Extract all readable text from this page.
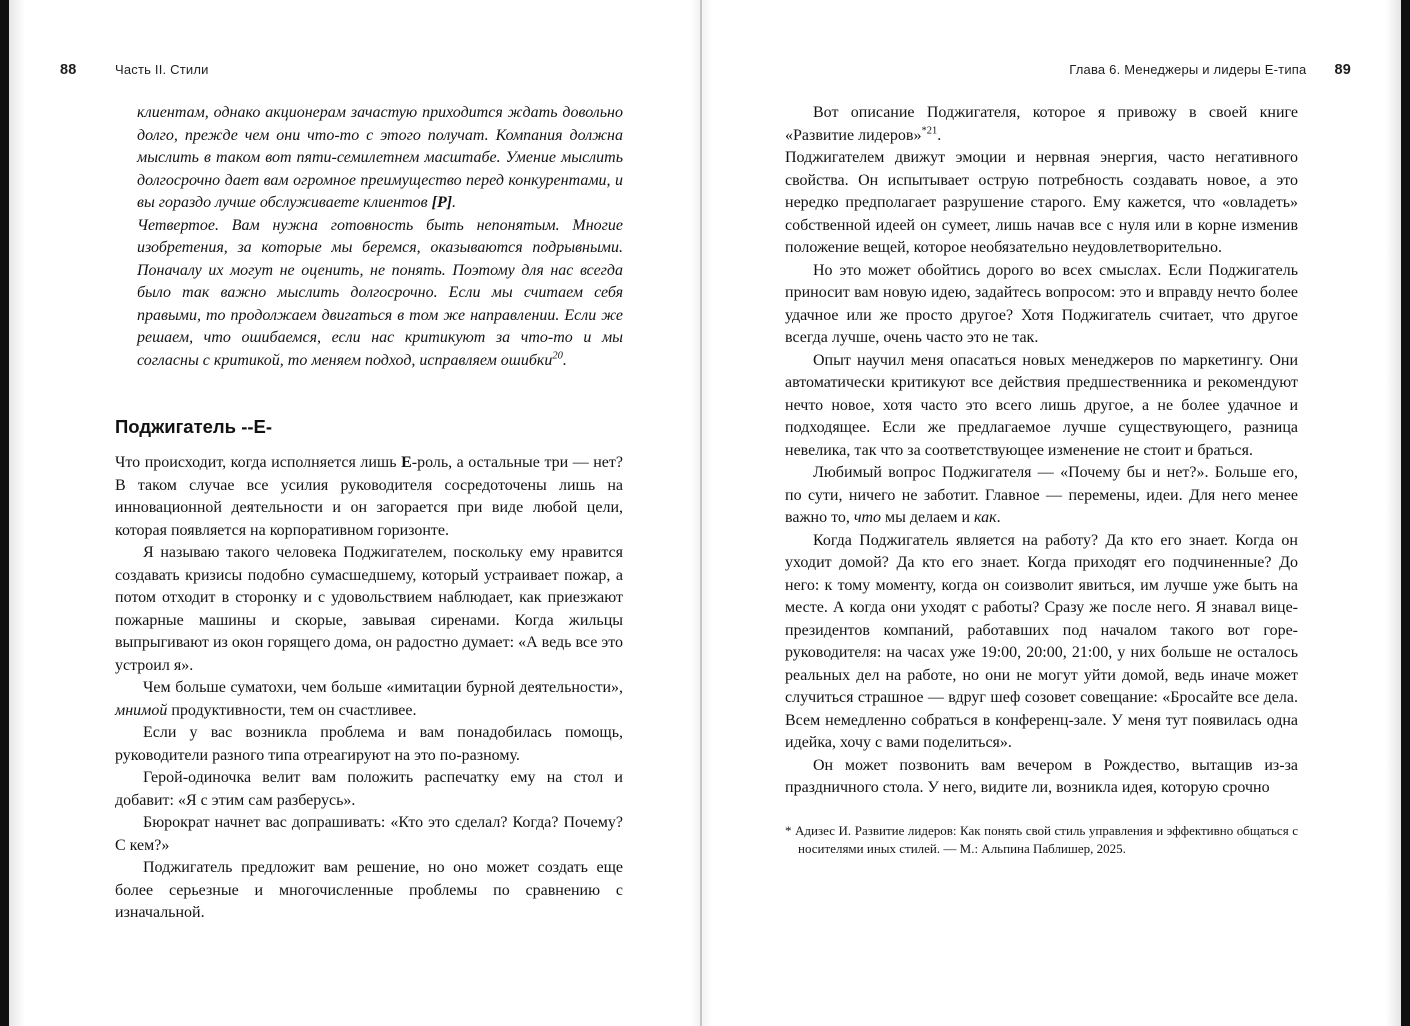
88	Часть II. Стили

клиентам, однако акционерам зачастую приходится ждать довольно долго, прежде чем они что-то с этого получат. Компания должна мыслить в таком вот пяти-семилетнем масштабе. Умение мыслить долгосрочно дает вам огромное преимущество перед конкурентами, и вы гораздо лучше обслуживаете клиентов [P].

Четвертое. Вам нужна готовность быть непонятым. Многие изобретения, за которые мы беремся, оказываются подрывными. Поначалу их могут не оценить, не понять. Поэтому для нас всегда было так важно мыслить долгосрочно. Если мы считаем себя правыми, то продолжаем двигаться в том же направлении. Если же решаем, что ошибаемся, если нас критикуют за что-то и мы согласны с критикой, то меняем подход, исправляем ошибки$^{20}$.

Поджигатель --E-

Что происходит, когда исполняется лишь E-роль, а остальные три — нет? В таком случае все усилия руководителя сосредоточены лишь на инновационной деятельности и он загорается при виде любой цели, которая появляется на корпоративном горизонте.

Я называю такого человека Поджигателем, поскольку ему нравится создавать кризисы подобно сумасшедшему, который устраивает пожар, а потом отходит в сторонку и с удовольствием наблюдает, как приезжают пожарные машины и скорые, завывая сиренами. Когда жильцы выпрыгивают из окон горящего дома, он радостно думает: «А ведь все это устроил я».

Чем больше суматохи, чем больше «имитации бурной деятельности», мнимой продуктивности, тем он счастливее.

Если у вас возникла проблема и вам понадобилась помощь, руководители разного типа отреагируют на это по-разному.

Герой-одиночка велит вам положить распечатку ему на стол и добавит: «Я с этим сам разберусь».

Бюрократ начнет вас допрашивать: «Кто это сделал? Когда? Почему? С кем?»

Поджигатель предложит вам решение, но оно может создать еще более серьезные и многочисленные проблемы по сравнению с изначальной.

Глава 6. Менеджеры и лидеры E-типа 89

Вот описание Поджигателя, которое я привожу в своей книге «Развитие лидеров»$^{*21}$.

Поджигателем движут эмоции и нервная энергия, часто негативного свойства. Он испытывает острую потребность создавать новое, а это нередко предполагает разрушение старого. Ему кажется, что «овладеть» собственной идеей он сумеет, лишь начав все с нуля или в корне изменив положение вещей, которое необязательно неудовлетворительно.

Но это может обойтись дорого во всех смыслах. Если Поджигатель приносит вам новую идею, задайтесь вопросом: это и вправду нечто более удачное или же просто другое? Хотя Поджигатель считает, что другое всегда лучше, очень часто это не так.

Опыт научил меня опасаться новых менеджеров по маркетингу. Они автоматически критикуют все действия предшественника и рекомендуют нечто новое, хотя часто это всего лишь другое, а не более удачное и подходящее. Если же предлагаемое лучше существующего, разница невелика, так что за соответствующее изменение не стоит и браться.

Любимый вопрос Поджигателя — «Почему бы и нет?». Больше его, по сути, ничего не заботит. Главное — перемены, идеи. Для него менее важно то, что мы делаем и как.

Когда Поджигатель является на работу? Да кто его знает. Когда он уходит домой? Да кто его знает. Когда приходят его подчиненные? До него: к тому моменту, когда он соизволит явиться, им лучше уже быть на месте. А когда они уходят с работы? Сразу же после него. Я знавал вице-президентов компаний, работавших под началом такого вот горе-руководителя: на часах уже 19:00, 20:00, 21:00, у них больше не осталось реальных дел на работе, но они не могут уйти домой, ведь иначе может случиться страшное — вдруг шеф созовет совещание: «Бросайте все дела. Всем немедленно собраться в конференц-зале. У меня тут появилась одна идейка, хочу с вами поделиться».

Он может позвонить вам вечером в Рождество, вытащив из-за праздничного стола. У него, видите ли, возникла идея, которую срочно

* Адизес И. Развитие лидеров: Как понять свой стиль управления и эффективно общаться с носителями иных стилей. — М.: Альпина Паблишер, 2025.
